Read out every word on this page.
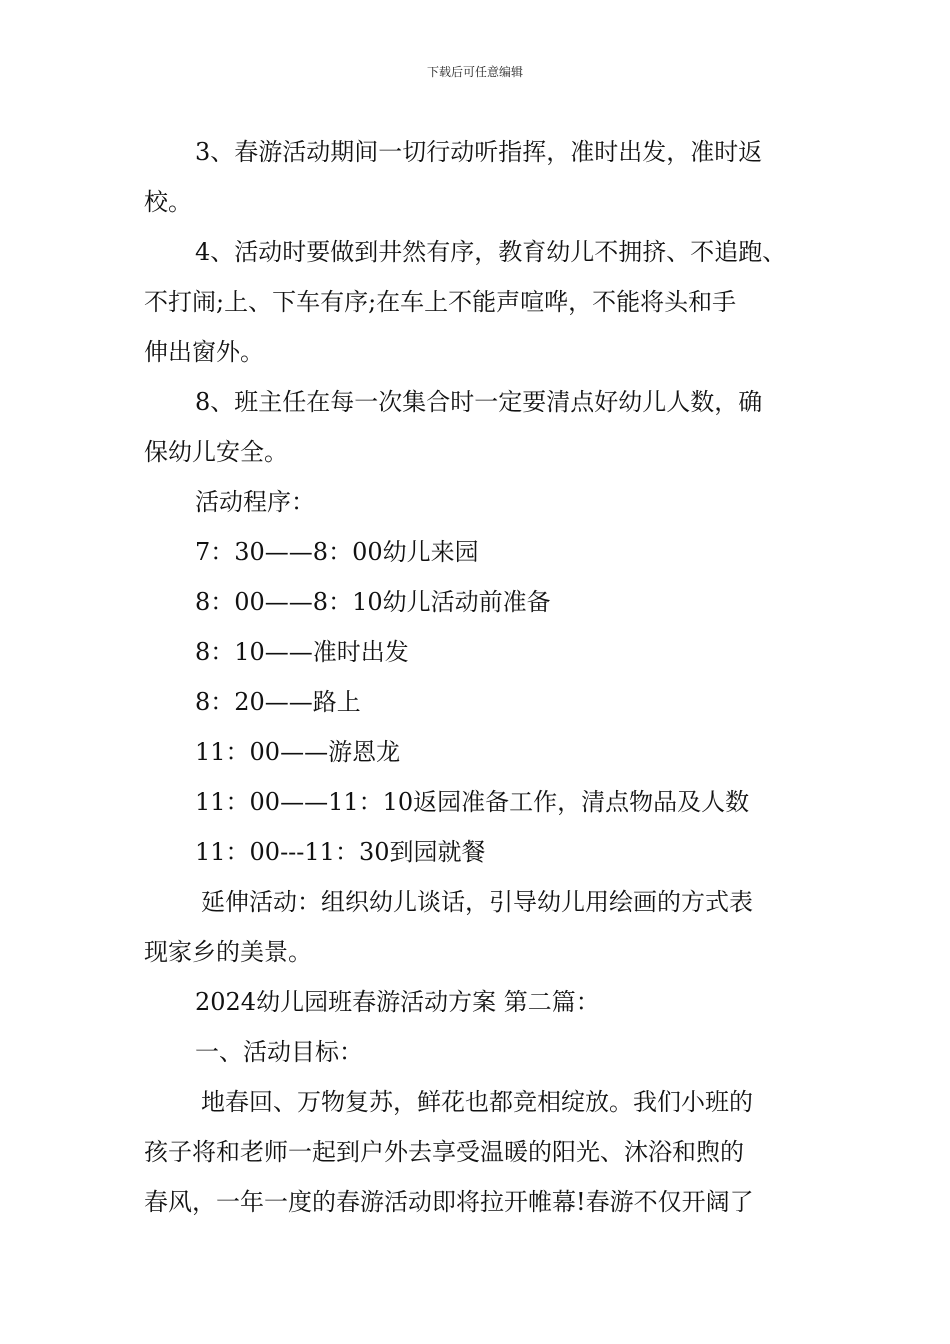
下载后可任意编辑
3、春游活动期间一切行动听指挥，准时出发，准时返
校。
4、活动时要做到井然有序，教育幼儿不拥挤、不追跑、
不打闹;上、下车有序;在车上不能声喧哗，不能将头和手
伸出窗外。
8、班主任在每一次集合时一定要清点好幼儿人数，确
保幼儿安全。
活动程序：
7：30——8：00幼儿来园
8：00——8：10幼儿活动前准备
8：10——准时出发
8：20——路上
11：00——游恩龙
11：00——11：10返园准备工作，清点物品及人数
11：00---11：30到园就餐
延伸活动：组织幼儿谈话，引导幼儿用绘画的方式表
现家乡的美景。
2024幼儿园班春游活动方案 第二篇：
一、活动目标：
地春回、万物复苏，鲜花也都竞相绽放。我们小班的
孩子将和老师一起到户外去享受温暖的阳光、沐浴和煦的
春风，一年一度的春游活动即将拉开帷幕!春游不仅开阔了
